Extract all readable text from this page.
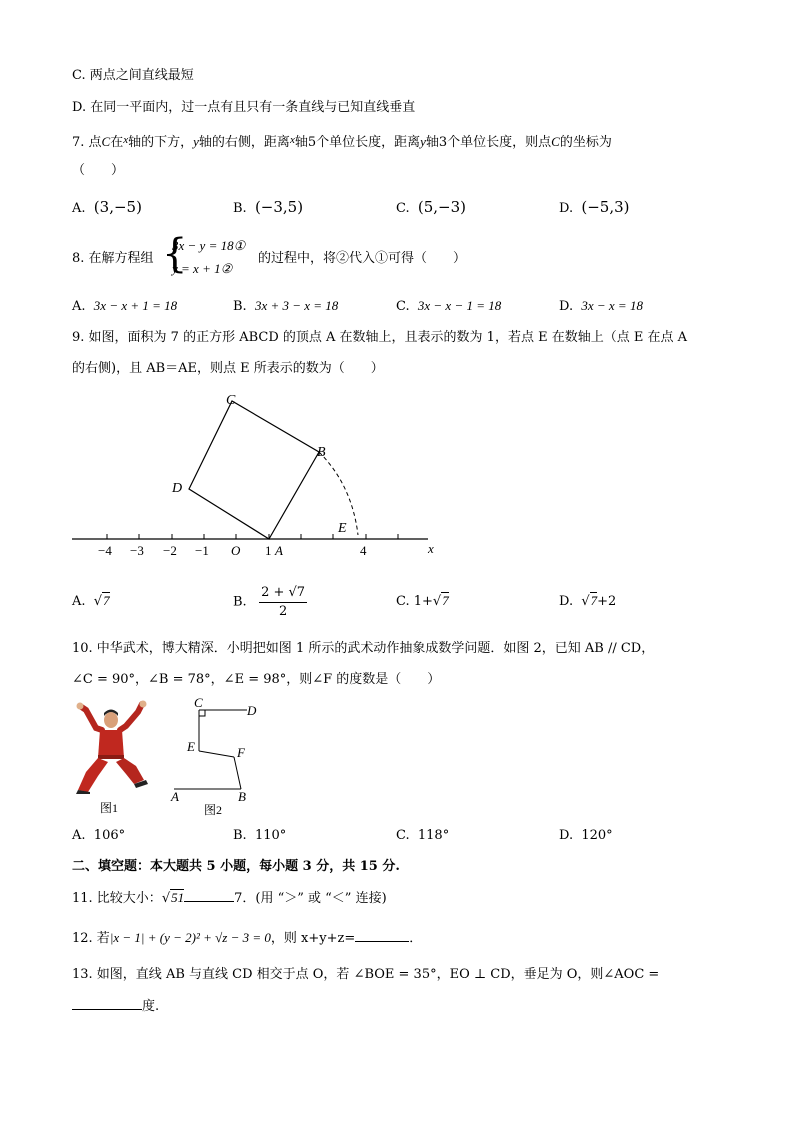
C. 两点之间直线最短
D. 在同一平面内，过一点有且只有一条直线与已知直线垂直
7. 点C在$^x$轴的下方，y轴的右侧，距离$^x$轴5个单位长度，距离y轴3个单位长度，则点C的坐标为
（　　）
A. (3,−5)	B. (−3,5)	C. (5,−3)	D. (−5,3)
8. 在解方程组 {
3x − y = 18①
y = x + 1②
的过程中，将②代入①可得（　　）
A. 3x − x + 1 = 18	B. 3x + 3 − x = 18	C. 3x − x − 1 = 18	D. 3x − x = 18
9. 如图，面积为 7 的正方形 ABCD 的顶点 A 在数轴上，且表示的数为 1，若点 E 在数轴上（点 E 在点 A
的右侧)，且 AB＝AE，则点 E 所表示的数为（　　）
C
B
D
E
A	x
O
−4 −3 −2 −1	1	4
A.  √7	B. $\frac{2 + √7}{2}$	C. 1+√7	D.  √7+2
10. 中华武术，博大精深．小明把如图 1 所示的武术动作抽象成数学问题．如图 2，已知 AB // CD，
∠C = 90°，∠B = 78°，∠E = 98°，则∠F 的度数是（　　）
图1
C
D
E	F
A	B
图2
A. 106°	B. 110°	C. 118°	D. 120°
二、填空题：本大题共 5 小题，每小题 3 分，共 15 分.
11. 比较大小：√51	7．(用 “＞” 或 “＜” 连接)
12. 若|x − 1| + (y − 2)² + √z − 3 = 0，则 x+y+z=	．
13. 如图，直线 AB 与直线 CD 相交于点 O，若 ∠BOE = 35°，EO ⊥ CD，垂足为 O，则∠AOC =
度.
